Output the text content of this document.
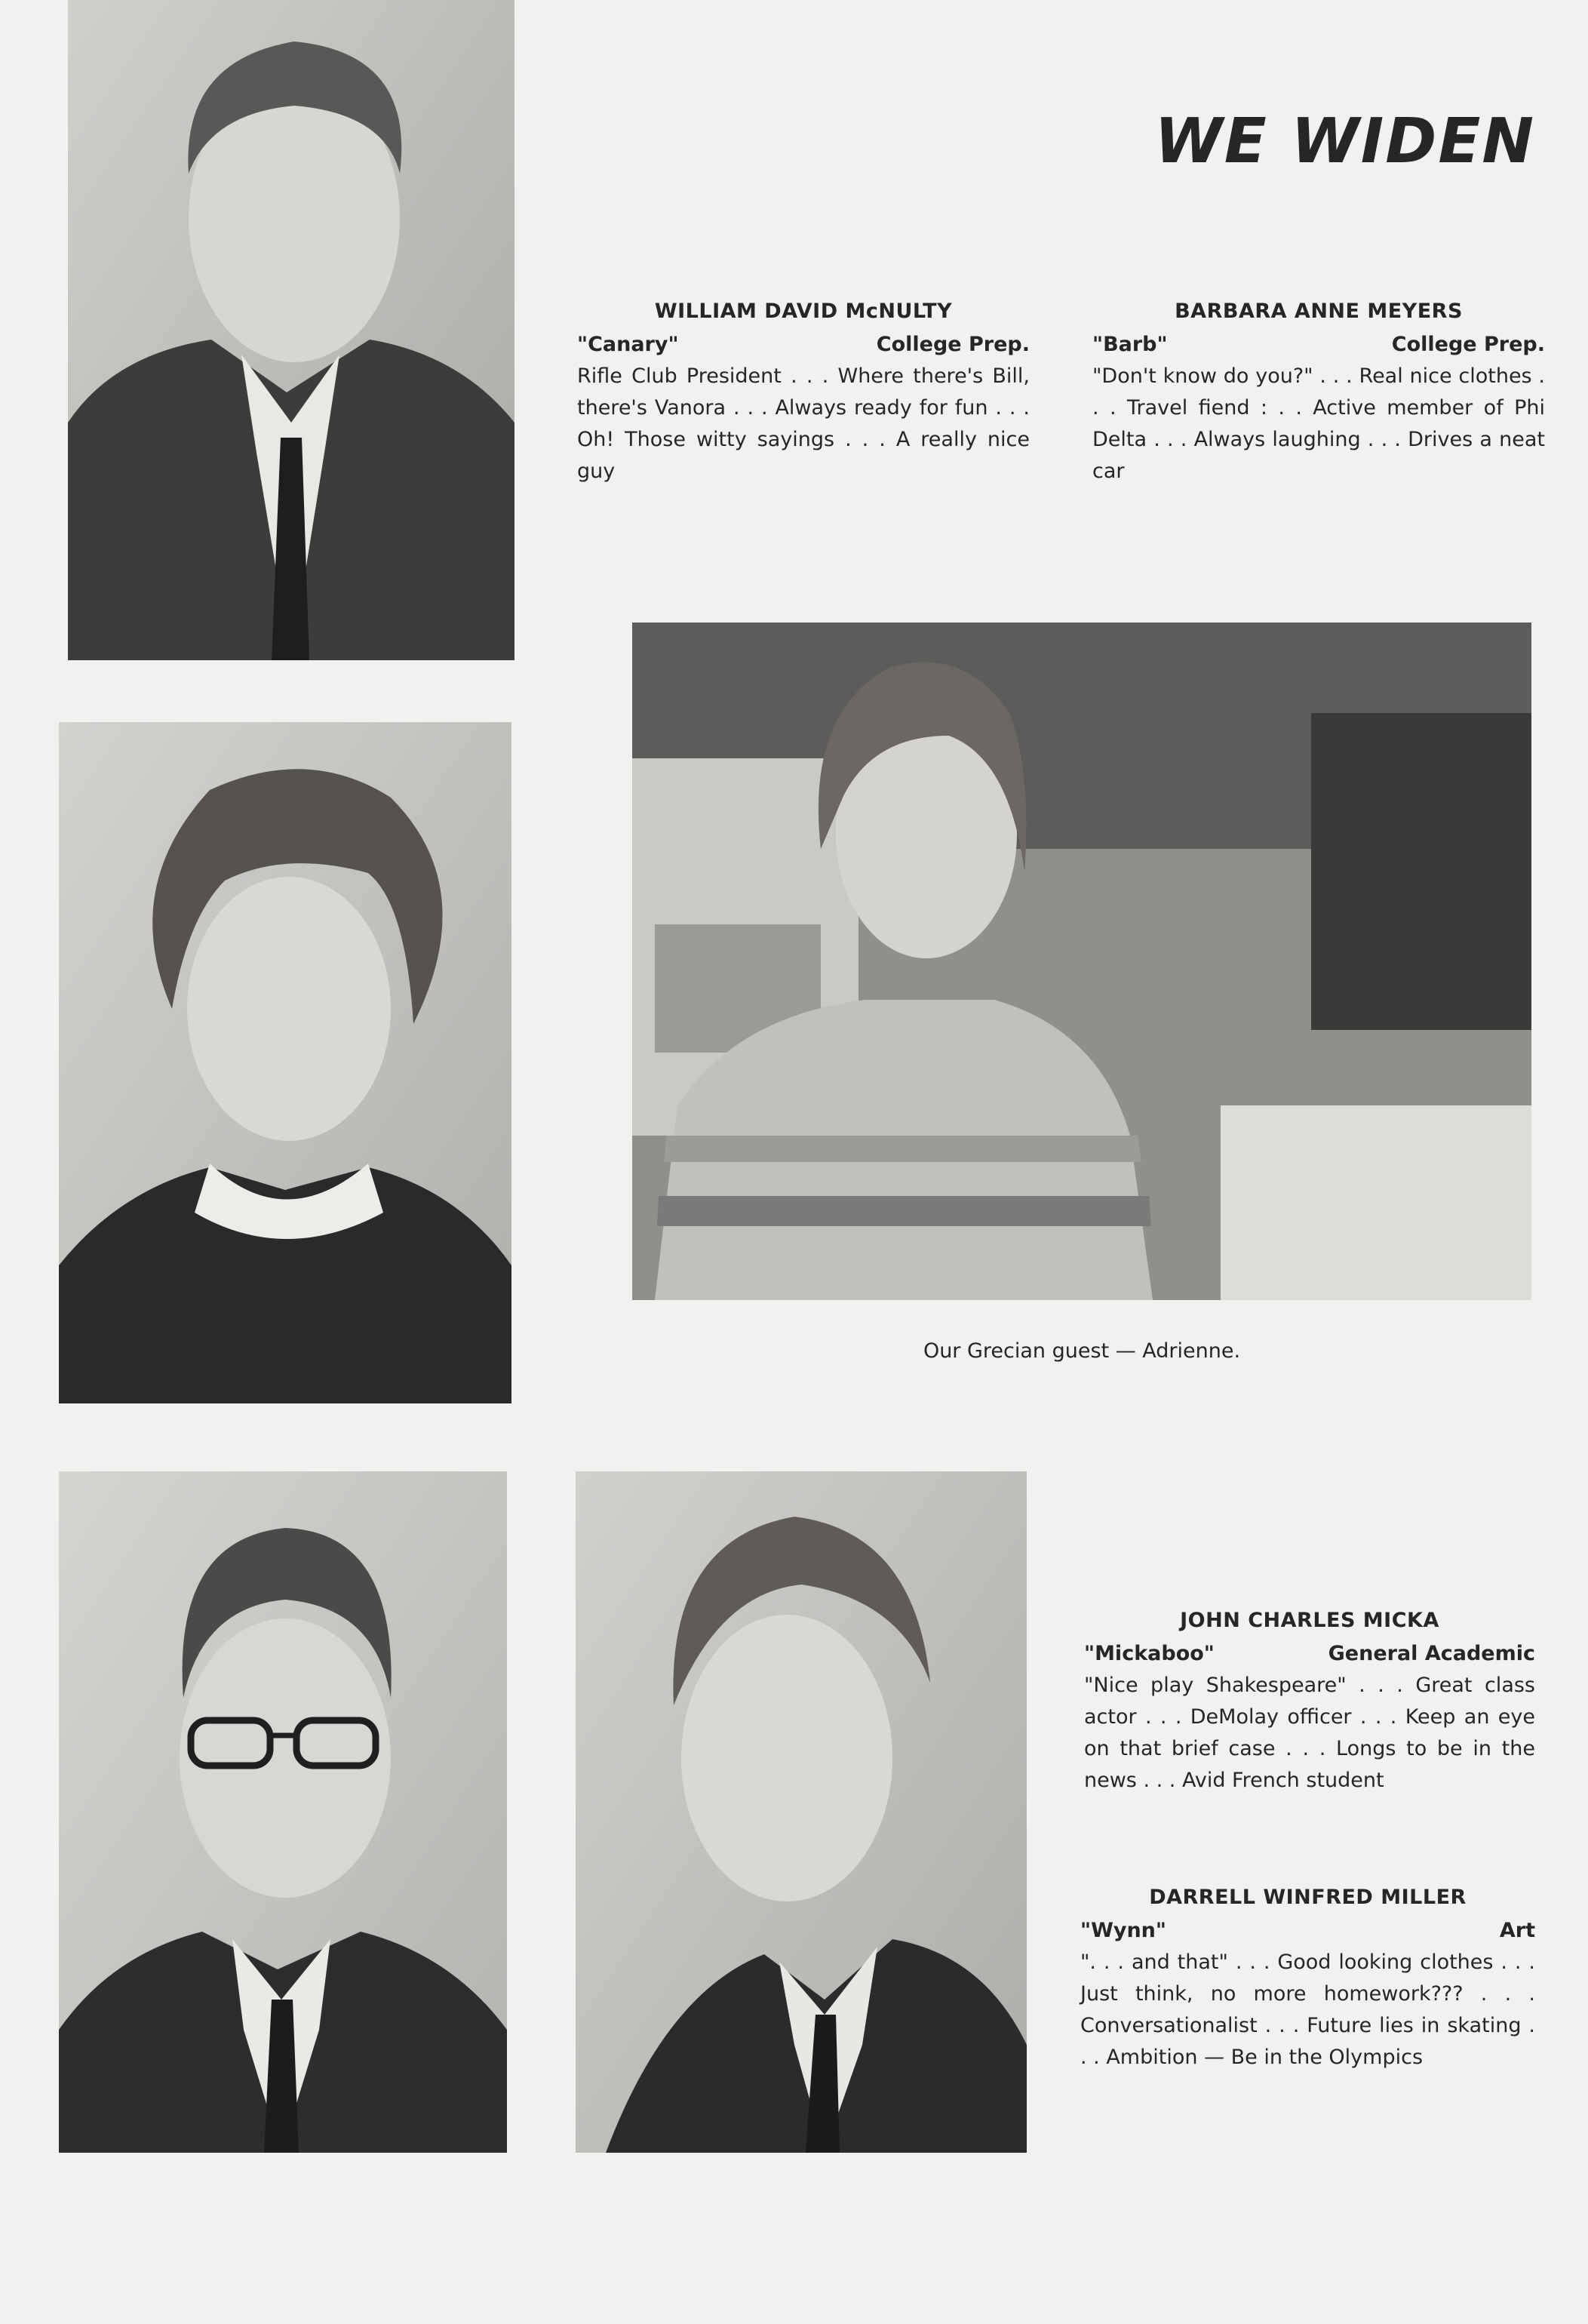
WE WIDEN
WILLIAM DAVID McNULTY
"Canary"	College Prep.
Rifle Club President . . . Where there's Bill, there's Vanora . . . Always ready for fun . . . Oh! Those witty sayings . . . A really nice guy
BARBARA ANNE MEYERS
"Barb"	College Prep.
"Don't know do you?" . . . Real nice clothes . . . Travel fiend : . . Active member of Phi Delta . . . Always laughing . . . Drives a neat car
Our Grecian guest — Adrienne.
JOHN CHARLES MICKA
"Mickaboo"	General Academic
"Nice play Shakespeare" . . . Great class actor . . . DeMolay officer . . . Keep an eye on that brief case . . . Longs to be in the news . . . Avid French student
DARRELL WINFRED MILLER
"Wynn"	Art
". . . and that" . . . Good looking clothes . . . Just think, no more homework??? . . . Conversationalist . . . Future lies in skating . . . Ambition — Be in the Olympics
